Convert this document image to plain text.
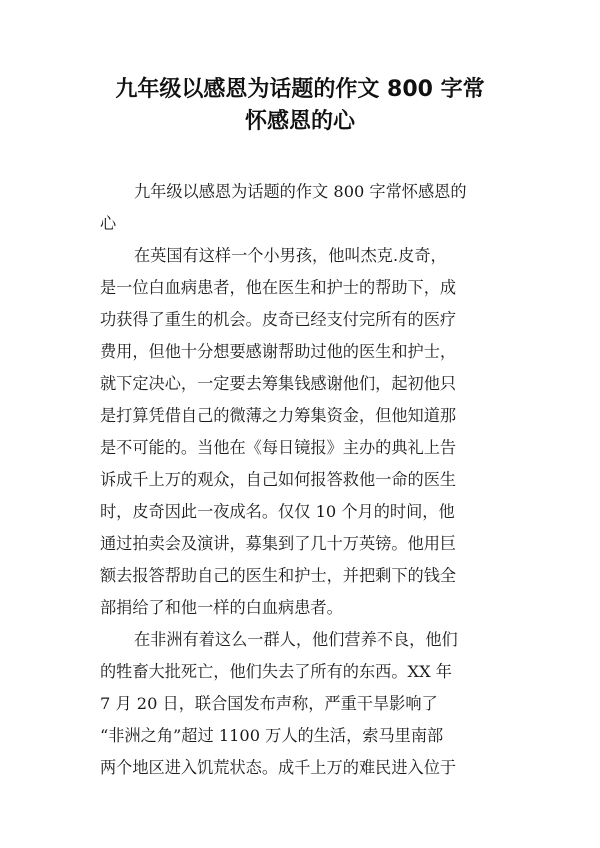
九年级以感恩为话题的作文 800 字常
怀感恩的心
九年级以感恩为话题的作文 800 字常怀感恩的
心
在英国有这样一个小男孩，他叫杰克.皮奇，
是一位白血病患者，他在医生和护士的帮助下，成
功获得了重生的机会。皮奇已经支付完所有的医疗
费用，但他十分想要感谢帮助过他的医生和护士，
就下定决心，一定要去筹集钱感谢他们，起初他只
是打算凭借自己的微薄之力筹集资金，但他知道那
是不可能的。当他在《每日镜报》主办的典礼上告
诉成千上万的观众，自己如何报答救他一命的医生
时，皮奇因此一夜成名。仅仅 10 个月的时间，他
通过拍卖会及演讲，募集到了几十万英镑。他用巨
额去报答帮助自己的医生和护士，并把剩下的钱全
部捐给了和他一样的白血病患者。
在非洲有着这么一群人，他们营养不良，他们
的牲畜大批死亡，他们失去了所有的东西。XX 年
7 月 20 日，联合国发布声称，严重干旱影响了
“非洲之角”超过 1100 万人的生活，索马里南部
两个地区进入饥荒状态。成千上万的难民进入位于
